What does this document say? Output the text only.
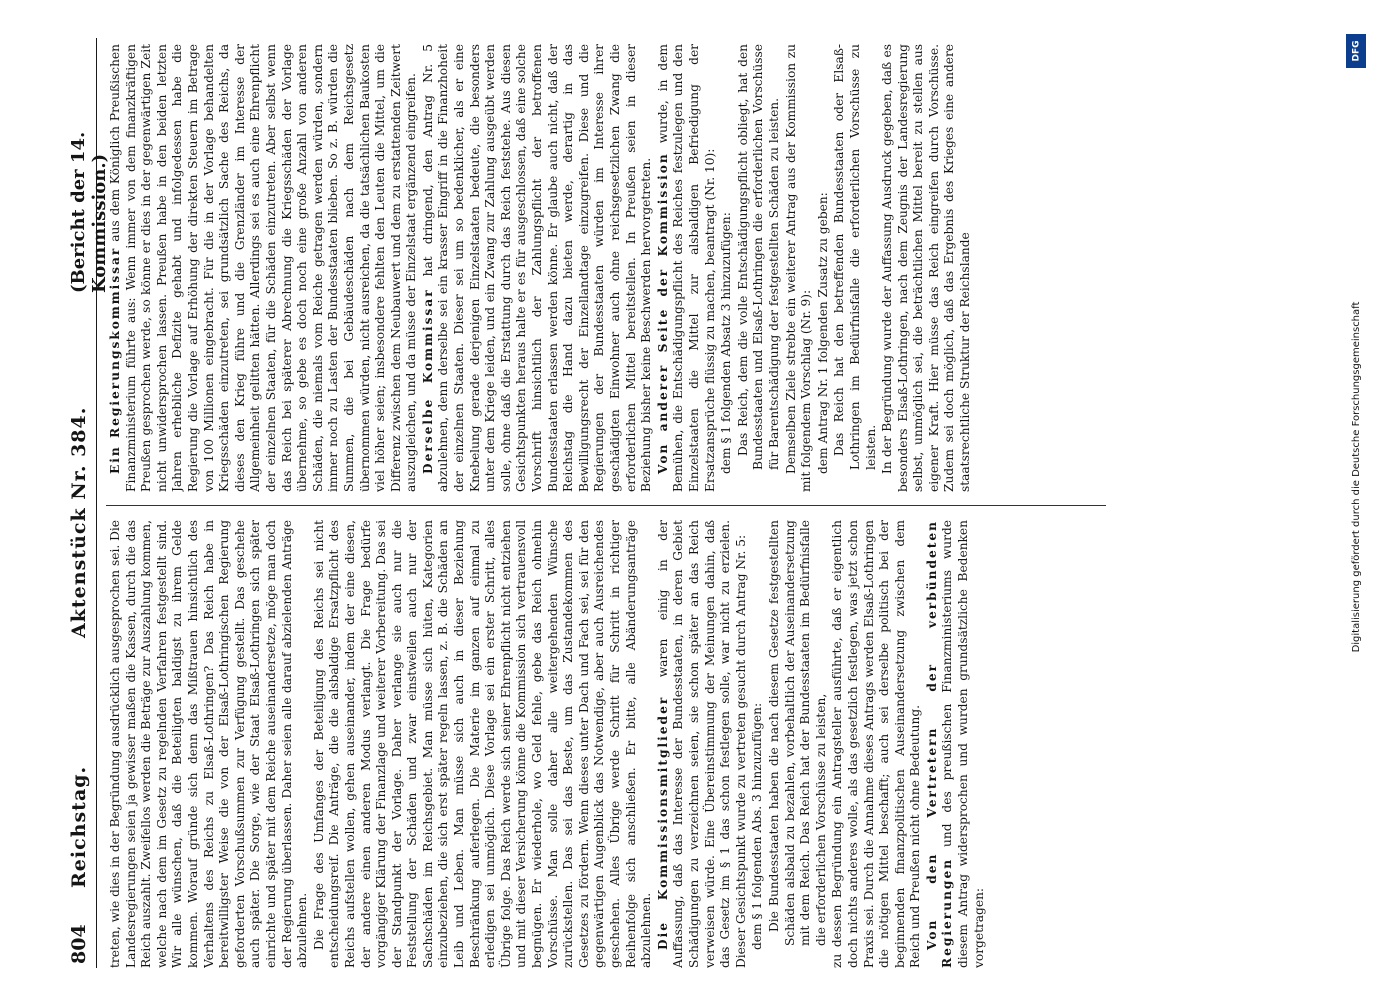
804
Reichstag.
Aktenstück Nr. 384.
(Bericht der 14. Kommission.)

treten, wie dies in der Begründung ausdrücklich ausgesprochen sei. Die Landesregierungen seien ja gewisser maßen die Kassen, durch die das Reich auszahlt. Zweifellos werden die Beträge zur Auszahlung kommen, welche nach dem im Gesetz zu regelnden Verfahren festgestellt sind. Wir alle wünschen, daß die Beteiligten baldigst zu ihrem Gelde kommen. Worauf gründe sich denn das Mißtrauen hinsichtlich des Verhaltens des Reichs zu Elsaß-Lothringen? Das Reich habe in bereitwilligster Weise die von der Elsaß-Lothringischen Regierung geforderten Vorschußsummen zur Verfügung gestellt. Das geschehe auch später. Die Sorge, wie der Staat Elsaß-Lothringen sich später einrichte und später mit dem Reiche auseinandersetze, möge man doch der Regierung überlassen. Daher seien alle darauf abzielenden Anträge abzulehnen. Die Frage des Umfanges der Beteiligung des Reichs sei nicht entscheidungsreif. Die Anträge, die die alsbaldige Ersatzpflicht des Reichs aufstellen wollen, gehen auseinander, indem der eine diesen, der andere einen anderen Modus verlangt. Die Frage bedürfe vorgängiger Klärung der Finanzlage und weiterer Vorbereitung. Das sei der Standpunkt der Vorlage. Daher verlange sie auch nur die Feststellung der Schäden und zwar einstweilen auch nur der Sachschäden im Reichsgebiet. Man müsse sich hüten, Kategorien einzubeziehen, die sich erst später regeln lassen, z. B. die Schäden an Leib und Leben. Man müsse sich auch in dieser Beziehung Beschränkung auferlegen. Die Materie im ganzen auf einmal zu erledigen sei unmöglich. Diese Vorlage sei ein erster Schritt, alles Übrige folge. Das Reich werde sich seiner Ehrenpflicht nicht entziehen und mit dieser Versicherung könne die Kommission sich vertrauensvoll begnügen. Er wiederhole, wo Geld fehle, gebe das Reich ohnehin Vorschüsse. Man solle daher alle weitergehenden Wünsche zurückstellen. Das sei das Beste, um das Zustandekommen des Gesetzes zu fördern. Wenn dieses unter Dach und Fach sei, sei für den gegenwärtigen Augenblick das Notwendige, aber auch Ausreichendes geschehen. Alles Übrige werde Schritt für Schritt in richtiger Reihenfolge sich anschließen. Er bitte, alle Abänderungsanträge abzulehnen. Die Kommissionsmitglieder waren einig in der Auffassung, daß das Interesse der Bundesstaaten, in deren Gebiet Schädigungen zu verzeichnen seien, sie schon später an das Reich verweisen würde. Eine Übereinstimmung der Meinungen dahin, daß das Gesetz im § 1 das schon festlegen solle, war nicht zu erzielen. Dieser Gesichtspunkt wurde zu vertreten gesucht durch Antrag Nr. 5: dem § 1 folgenden Abs. 3 hinzuzufügen: Die Bundesstaaten haben die nach diesem Gesetze festgestellten Schäden alsbald zu bezahlen, vorbehaltlich der Auseinandersetzung mit dem Reich. Das Reich hat der Bundesstaaten im Bedürfnisfalle die erforderlichen Vorschüsse zu leisten, zu dessen Begründung ein Antragsteller ausführte, daß er eigentlich doch nichts anderes wolle, als das gesetzlich festlegen, was jetzt schon Praxis sei. Durch die Annahme dieses Antrags werden Elsaß-Lothringen die nötigen Mittel beschafft; auch sei derselbe politisch bei der beginnenden finanzpolitischen Auseinandersetzung zwischen dem Reich und Preußen nicht ohne Bedeutung. Von den Vertretern der verbündeten Regierungen und des preußischen Finanzministeriums wurde diesem Antrag widersprochen und wurden grundsätzliche Bedenken vorgetragen:

Ein Regierungskommissar aus dem Königlich Preußischen Finanzministerium führte aus: Wenn immer von dem finanzkräftigen Preußen gesprochen werde, so könne er dies in der gegenwärtigen Zeit nicht unwidersprochen lassen. Preußen habe in den beiden letzten Jahren erhebliche Defizite gehabt und infolgedessen habe die Regierung die Vorlage auf Erhöhung der direkten Steuern im Betrage von 100 Millionen eingebracht. Für die in der Vorlage behandelten Kriegsschäden einzutreten, sei grundsätzlich Sache des Reichs, da dieses den Krieg führe und die Grenzländer im Interesse der Allgemeinheit gelitten hätten. Allerdings sei es auch eine Ehrenpflicht der einzelnen Staaten, für die Schäden einzutreten. Aber selbst wenn das Reich bei späterer Abrechnung die Kriegsschäden der Vorlage übernehme, so gebe es doch noch eine große Anzahl von anderen Schäden, die niemals vom Reiche getragen werden würden, sondern immer noch zu Lasten der Bundesstaaten blieben. So z. B. würden die Summen, die bei Gebäudeschäden nach dem Reichsgesetz übernommen würden, nicht ausreichen, da die tatsächlichen Baukosten viel höher seien; insbesondere fehlten den Leuten die Mittel, um die Differenz zwischen dem Neubauwert und dem zu erstattenden Zeitwert auszugleichen, und da müsse der Einzelstaat ergänzend eingreifen. Derselbe Kommissar hat dringend, den Antrag Nr. 5 abzulehnen, denn derselbe sei ein krasser Eingriff in die Finanzhoheit der einzelnen Staaten. Dieser sei um so bedenklicher, als er eine Knebelung gerade derjenigen Einzelstaaten bedeute, die besonders unter dem Kriege leiden, und ein Zwang zur Zahlung ausgeübt werden solle, ohne daß die Erstattung durch das Reich feststehe. Aus diesen Gesichtspunkten heraus halte er es für ausgeschlossen, daß eine solche Vorschrift hinsichtlich der Zahlungspflicht der betroffenen Bundesstaaten erlassen werden könne. Er glaube auch nicht, daß der Reichstag die Hand dazu bieten werde, derartig in das Bewilligungsrecht der Einzellandtage einzugreifen. Diese und die Regierungen der Bundesstaaten würden im Interesse ihrer geschädigten Einwohner auch ohne reichsgesetzlichen Zwang die erforderlichen Mittel bereitstellen. In Preußen seien in dieser Beziehung bisher keine Beschwerden hervorgetreten. Von anderer Seite der Kommission wurde, in dem Bemühen, die Entschädigungspflicht des Reiches festzulegen und den Einzelstaaten die Mittel zur alsbaldigen Befriedigung der Ersatzansprüche flüssig zu machen, beantragt (Nr. 10): dem § 1 folgenden Absatz 3 hinzuzufügen: Das Reich, dem die volle Entschädigungspflicht obliegt, hat den Bundesstaaten und Elsaß-Lothringen die erforderlichen Vorschüsse für Barentschädigung der festgestellten Schäden zu leisten. Demselben Ziele strebte ein weiterer Antrag aus der Kommission zu mit folgendem Vorschlag (Nr. 9): dem Antrag Nr. 1 folgenden Zusatz zu geben: Das Reich hat den betreffenden Bundesstaaten oder Elsaß-Lothringen im Bedürfnisfalle die erforderlichen Vorschüsse zu leisten. In der Begründung wurde der Auffassung Ausdruck gegeben, daß es besonders Elsaß-Lothringen, nach dem Zeugnis der Landesregierung selbst, unmöglich sei, die beträchtlichen Mittel bereit zu stellen aus eigener Kraft. Hier müsse das Reich eingreifen durch Vorschüsse. Zudem sei doch möglich, daß das Ergebnis des Krieges eine andere staatsrechtliche Struktur der Reichslande

DFG
Digitalisierung gefördert durch die Deutsche Forschungsgemeinschaft
